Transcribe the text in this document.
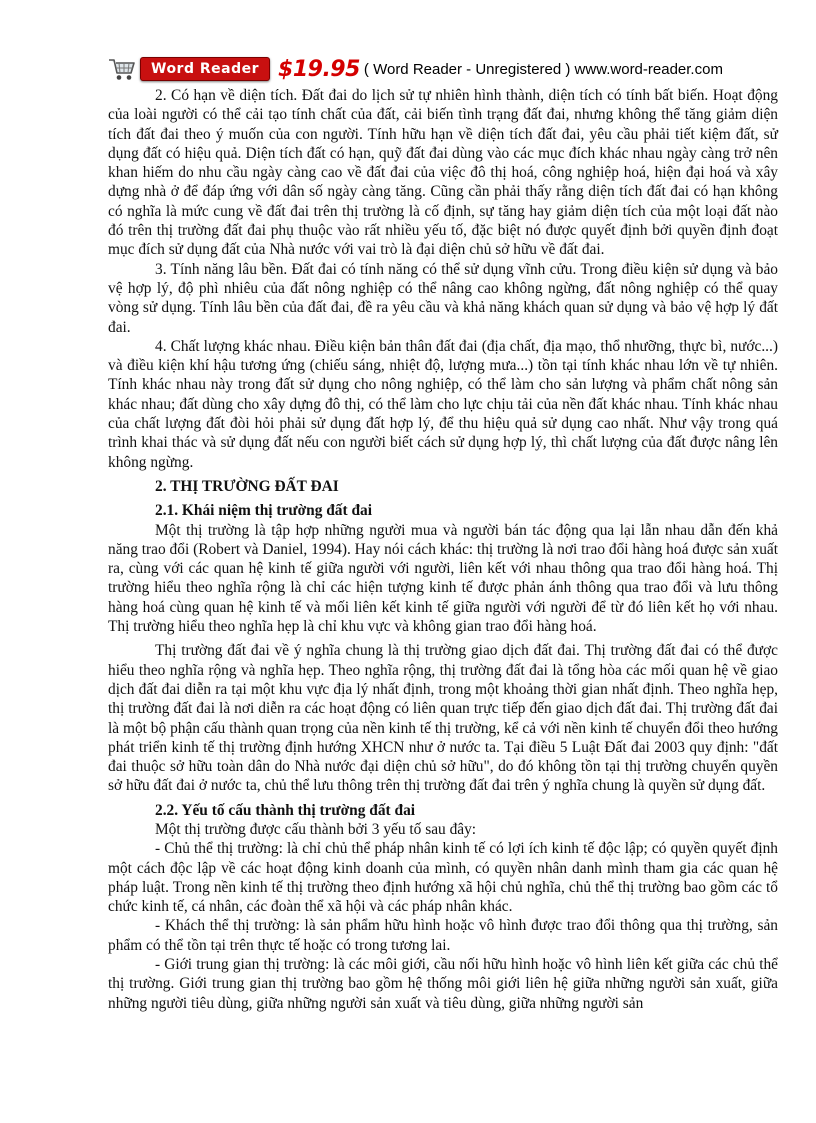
Word Reader $19.95 ( Word Reader - Unregistered ) www.word-reader.com

2. Có hạn về diện tích. Đất đai do lịch sử tự nhiên hình thành, diện tích có tính bất biến. Hoạt động của loài người có thể cải tạo tính chất của đất, cải biến tình trạng đất đai, nhưng không thể tăng giảm diện tích đất đai theo ý muốn của con người. Tính hữu hạn về diện tích đất đai, yêu cầu phải tiết kiệm đất, sử dụng đất có hiệu quả. Diện tích đất có hạn, quỹ đất đai dùng vào các mục đích khác nhau ngày càng trở nên khan hiếm do nhu cầu ngày càng cao về đất đai của việc đô thị hoá, công nghiệp hoá, hiện đại hoá và xây dựng nhà ở để đáp ứng với dân số ngày càng tăng. Cũng cần phải thấy rằng diện tích đất đai có hạn không có nghĩa là mức cung về đất đai trên thị trường là cố định, sự tăng hay giảm diện tích của một loại đất nào đó trên thị trường đất đai phụ thuộc vào rất nhiều yếu tố, đặc biệt nó được quyết định bởi quyền định đoạt mục đích sử dụng đất của Nhà nước với vai trò là đại diện chủ sở hữu về đất đai.

3. Tính năng lâu bền. Đất đai có tính năng có thể sử dụng vĩnh cửu. Trong điều kiện sử dụng và bảo vệ hợp lý, độ phì nhiêu của đất nông nghiệp có thể nâng cao không ngừng, đất nông nghiệp có thể quay vòng sử dụng. Tính lâu bền của đất đai, đề ra yêu cầu và khả năng khách quan sử dụng và bảo vệ hợp lý đất đai.

4. Chất lượng khác nhau. Điều kiện bản thân đất đai (địa chất, địa mạo, thổ nhưỡng, thực bì, nước...) và điều kiện khí hậu tương ứng (chiếu sáng, nhiệt độ, lượng mưa...) tồn tại tính khác nhau lớn về tự nhiên. Tính khác nhau này trong đất sử dụng cho nông nghiệp, có thể làm cho sản lượng và phẩm chất nông sản khác nhau; đất dùng cho xây dựng đô thị, có thể làm cho lực chịu tải của nền đất khác nhau. Tính khác nhau của chất lượng đất đòi hỏi phải sử dụng đất hợp lý, để thu hiệu quả sử dụng cao nhất. Như vậy trong quá trình khai thác và sử dụng đất nếu con người biết cách sử dụng hợp lý, thì chất lượng của đất được nâng lên không ngừng.

2. THỊ TRƯỜNG ĐẤT ĐAI

2.1. Khái niệm thị trường đất đai

Một thị trường là tập hợp những người mua và người bán tác động qua lại lẫn nhau dẫn đến khả năng trao đổi (Robert và Daniel, 1994). Hay nói cách khác: thị trường là nơi trao đổi hàng hoá được sản xuất ra, cùng với các quan hệ kinh tế giữa người với người, liên kết với nhau thông qua trao đổi hàng hoá. Thị trường hiểu theo nghĩa rộng là chỉ các hiện tượng kinh tế được phản ánh thông qua trao đổi và lưu thông hàng hoá cùng quan hệ kinh tế và mối liên kết kinh tế giữa người với người để từ đó liên kết họ với nhau. Thị trường hiểu theo nghĩa hẹp là chỉ khu vực và không gian trao đổi hàng hoá.

Thị trường đất đai về ý nghĩa chung là thị trường giao dịch đất đai. Thị trường đất đai có thể được hiểu theo nghĩa rộng và nghĩa hẹp. Theo nghĩa rộng, thị trường đất đai là tổng hòa các mối quan hệ về giao dịch đất đai diễn ra tại một khu vực địa lý nhất định, trong một khoảng thời gian nhất định. Theo nghĩa hẹp, thị trường đất đai là nơi diễn ra các hoạt động có liên quan trực tiếp đến giao dịch đất đai. Thị trường đất đai là một bộ phận cấu thành quan trọng của nền kinh tế thị trường, kể cả với nền kinh tế chuyển đổi theo hướng phát triển kinh tế thị trường định hướng XHCN như ở nước ta. Tại điều 5 Luật Đất đai 2003 quy định: "đất đai thuộc sở hữu toàn dân do Nhà nước đại diện chủ sở hữu", do đó không tồn tại thị trường chuyển quyền sở hữu đất đai ở nước ta, chủ thể lưu thông trên thị trường đất đai trên ý nghĩa chung là quyền sử dụng đất.

2.2. Yếu tố cấu thành thị trường đất đai

Một thị trường được cấu thành bởi 3 yếu tố sau đây:

- Chủ thể thị trường: là chỉ chủ thể pháp nhân kinh tế có lợi ích kinh tế độc lập; có quyền quyết định một cách độc lập về các hoạt động kinh doanh của mình, có quyền nhân danh mình tham gia các quan hệ pháp luật. Trong nền kinh tế thị trường theo định hướng xã hội chủ nghĩa, chủ thể thị trường bao gồm các tổ chức kinh tế, cá nhân, các đoàn thể xã hội và các pháp nhân khác.

- Khách thể thị trường: là sản phẩm hữu hình hoặc vô hình được trao đổi thông qua thị trường, sản phẩm có thể tồn tại trên thực tế hoặc có trong tương lai.

- Giới trung gian thị trường: là các môi giới, cầu nối hữu hình hoặc vô hình liên kết giữa các chủ thể thị trường. Giới trung gian thị trường bao gồm hệ thống môi giới liên hệ giữa những người sản xuất, giữa những người tiêu dùng, giữa những người sản xuất và tiêu dùng, giữa những người sản
